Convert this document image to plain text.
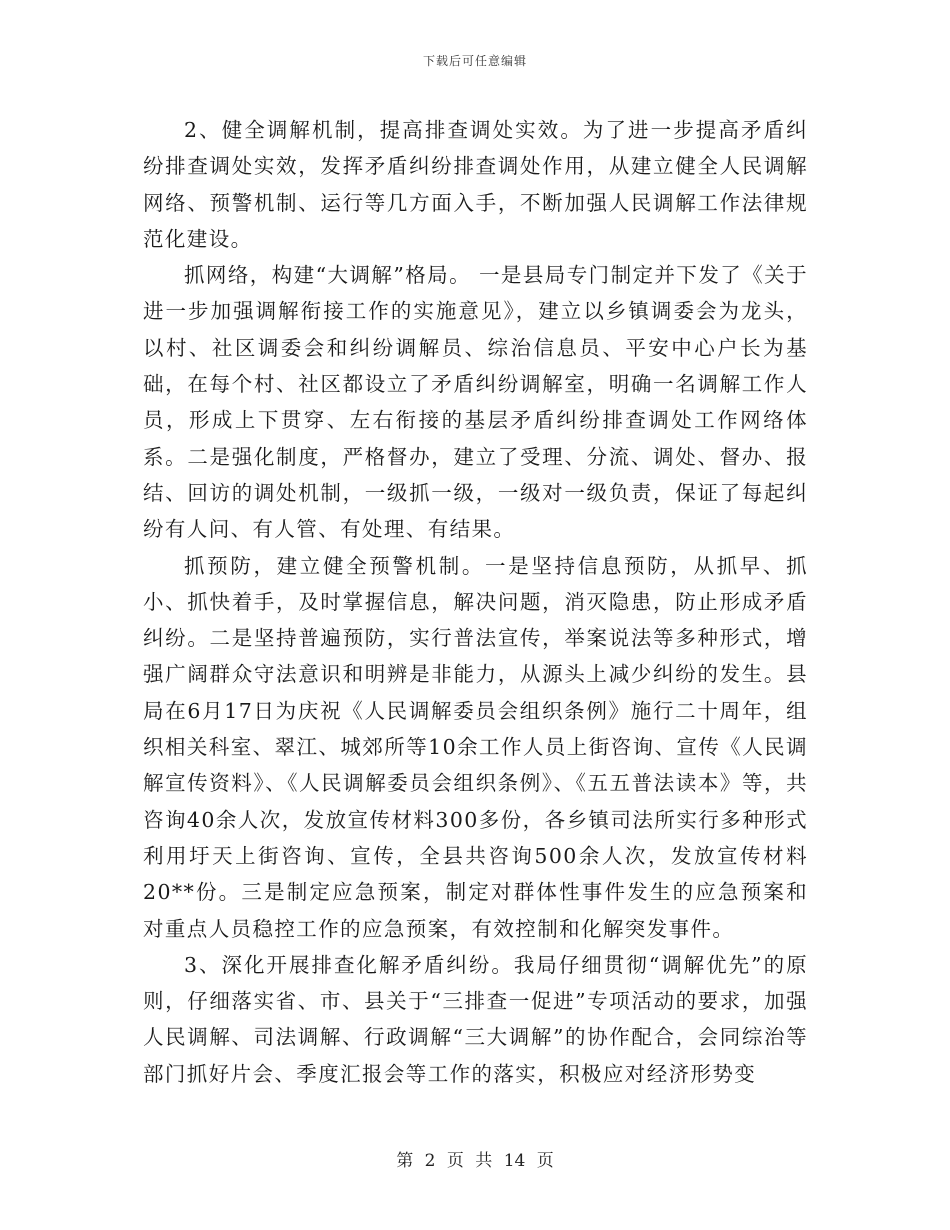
下载后可任意编辑

2、健全调解机制，提高排查调处实效。为了进一步提高矛盾纠纷排查调处实效，发挥矛盾纠纷排查调处作用，从建立健全人民调解网络、预警机制、运行等几方面入手，不断加强人民调解工作法律规范化建设。

抓网络，构建“大调解”格局。 一是县局专门制定并下发了《关于进一步加强调解衔接工作的实施意见》，建立以乡镇调委会为龙头，以村、社区调委会和纠纷调解员、综治信息员、平安中心户长为基础，在每个村、社区都设立了矛盾纠纷调解室，明确一名调解工作人员，形成上下贯穿、左右衔接的基层矛盾纠纷排查调处工作网络体系。二是强化制度，严格督办，建立了受理、分流、调处、督办、报结、回访的调处机制，一级抓一级，一级对一级负责，保证了每起纠纷有人问、有人管、有处理、有结果。

抓预防，建立健全预警机制。一是坚持信息预防，从抓早、抓小、抓快着手，及时掌握信息，解决问题，消灭隐患，防止形成矛盾纠纷。二是坚持普遍预防，实行普法宣传，举案说法等多种形式，增强广阔群众守法意识和明辨是非能力，从源头上减少纠纷的发生。县局在6月17日为庆祝《人民调解委员会组织条例》施行二十周年，组织相关科室、翠江、城郊所等10余工作人员上街咨询、宣传《人民调解宣传资料》、《人民调解委员会组织条例》、《五五普法读本》等，共咨询40余人次，发放宣传材料300多份，各乡镇司法所实行多种形式利用圩天上街咨询、宣传，全县共咨询500余人次，发放宣传材料20**份。三是制定应急预案，制定对群体性事件发生的应急预案和对重点人员稳控工作的应急预案，有效控制和化解突发事件。

3、深化开展排查化解矛盾纠纷。我局仔细贯彻“调解优先”的原则，仔细落实省、市、县关于“三排查一促进”专项活动的要求，加强人民调解、司法调解、行政调解“三大调解”的协作配合，会同综治等部门抓好片会、季度汇报会等工作的落实，积极应对经济形势变

第 2 页 共 14 页
